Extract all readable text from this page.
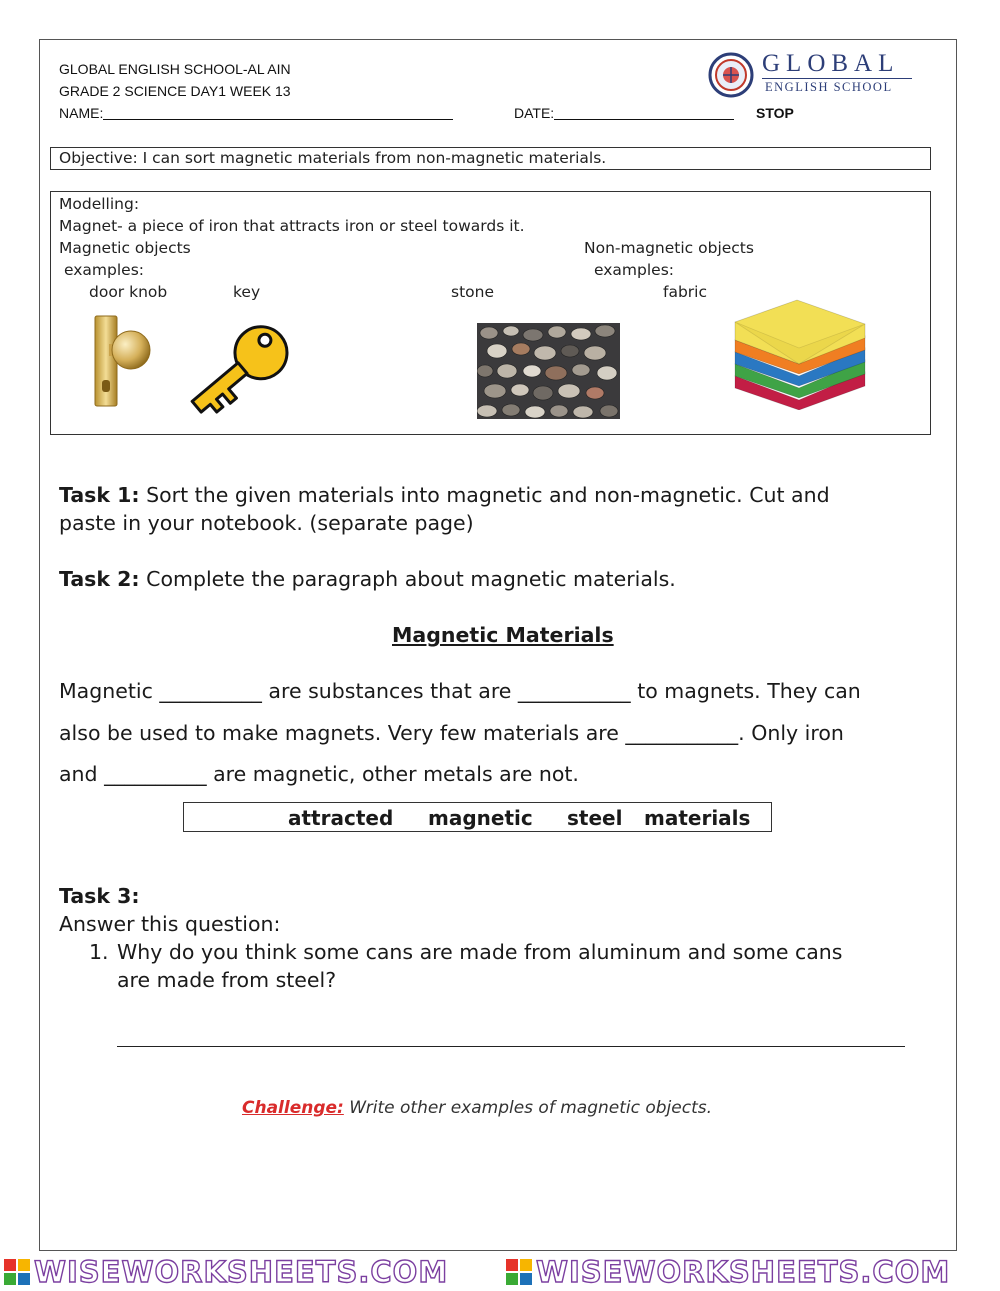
GLOBAL ENGLISH SCHOOL-AL AIN
GRADE 2 SCIENCE DAY1 WEEK 13
NAME:	DATE:	STOP
GLOBAL
ENGLISH SCHOOL
Objective: I can sort magnetic materials from non-magnetic materials.
Modelling:
Magnet- a piece of iron that attracts iron or steel towards it.
Magnetic objects
examples:
Non-magnetic objects
examples:
door knob	key	stone	fabric
Task 1: Sort the given materials into magnetic and non-magnetic. Cut and
paste in your notebook. (separate page)
Task 2: Complete the paragraph about magnetic materials.
Magnetic Materials
Magnetic __________ are substances that are ___________ to magnets. They can
also be used to make magnets. Very few materials are ___________. Only iron
and __________ are magnetic, other metals are not.
attracted magnetic steel materials
Task 3:
Answer this question:
1. Why do you think some cans are made from aluminum and some cans
are made from steel?
Challenge: Write other examples of magnetic objects.
WISEWORKSHEETS.COM	WISEWORKSHEETS.COM
